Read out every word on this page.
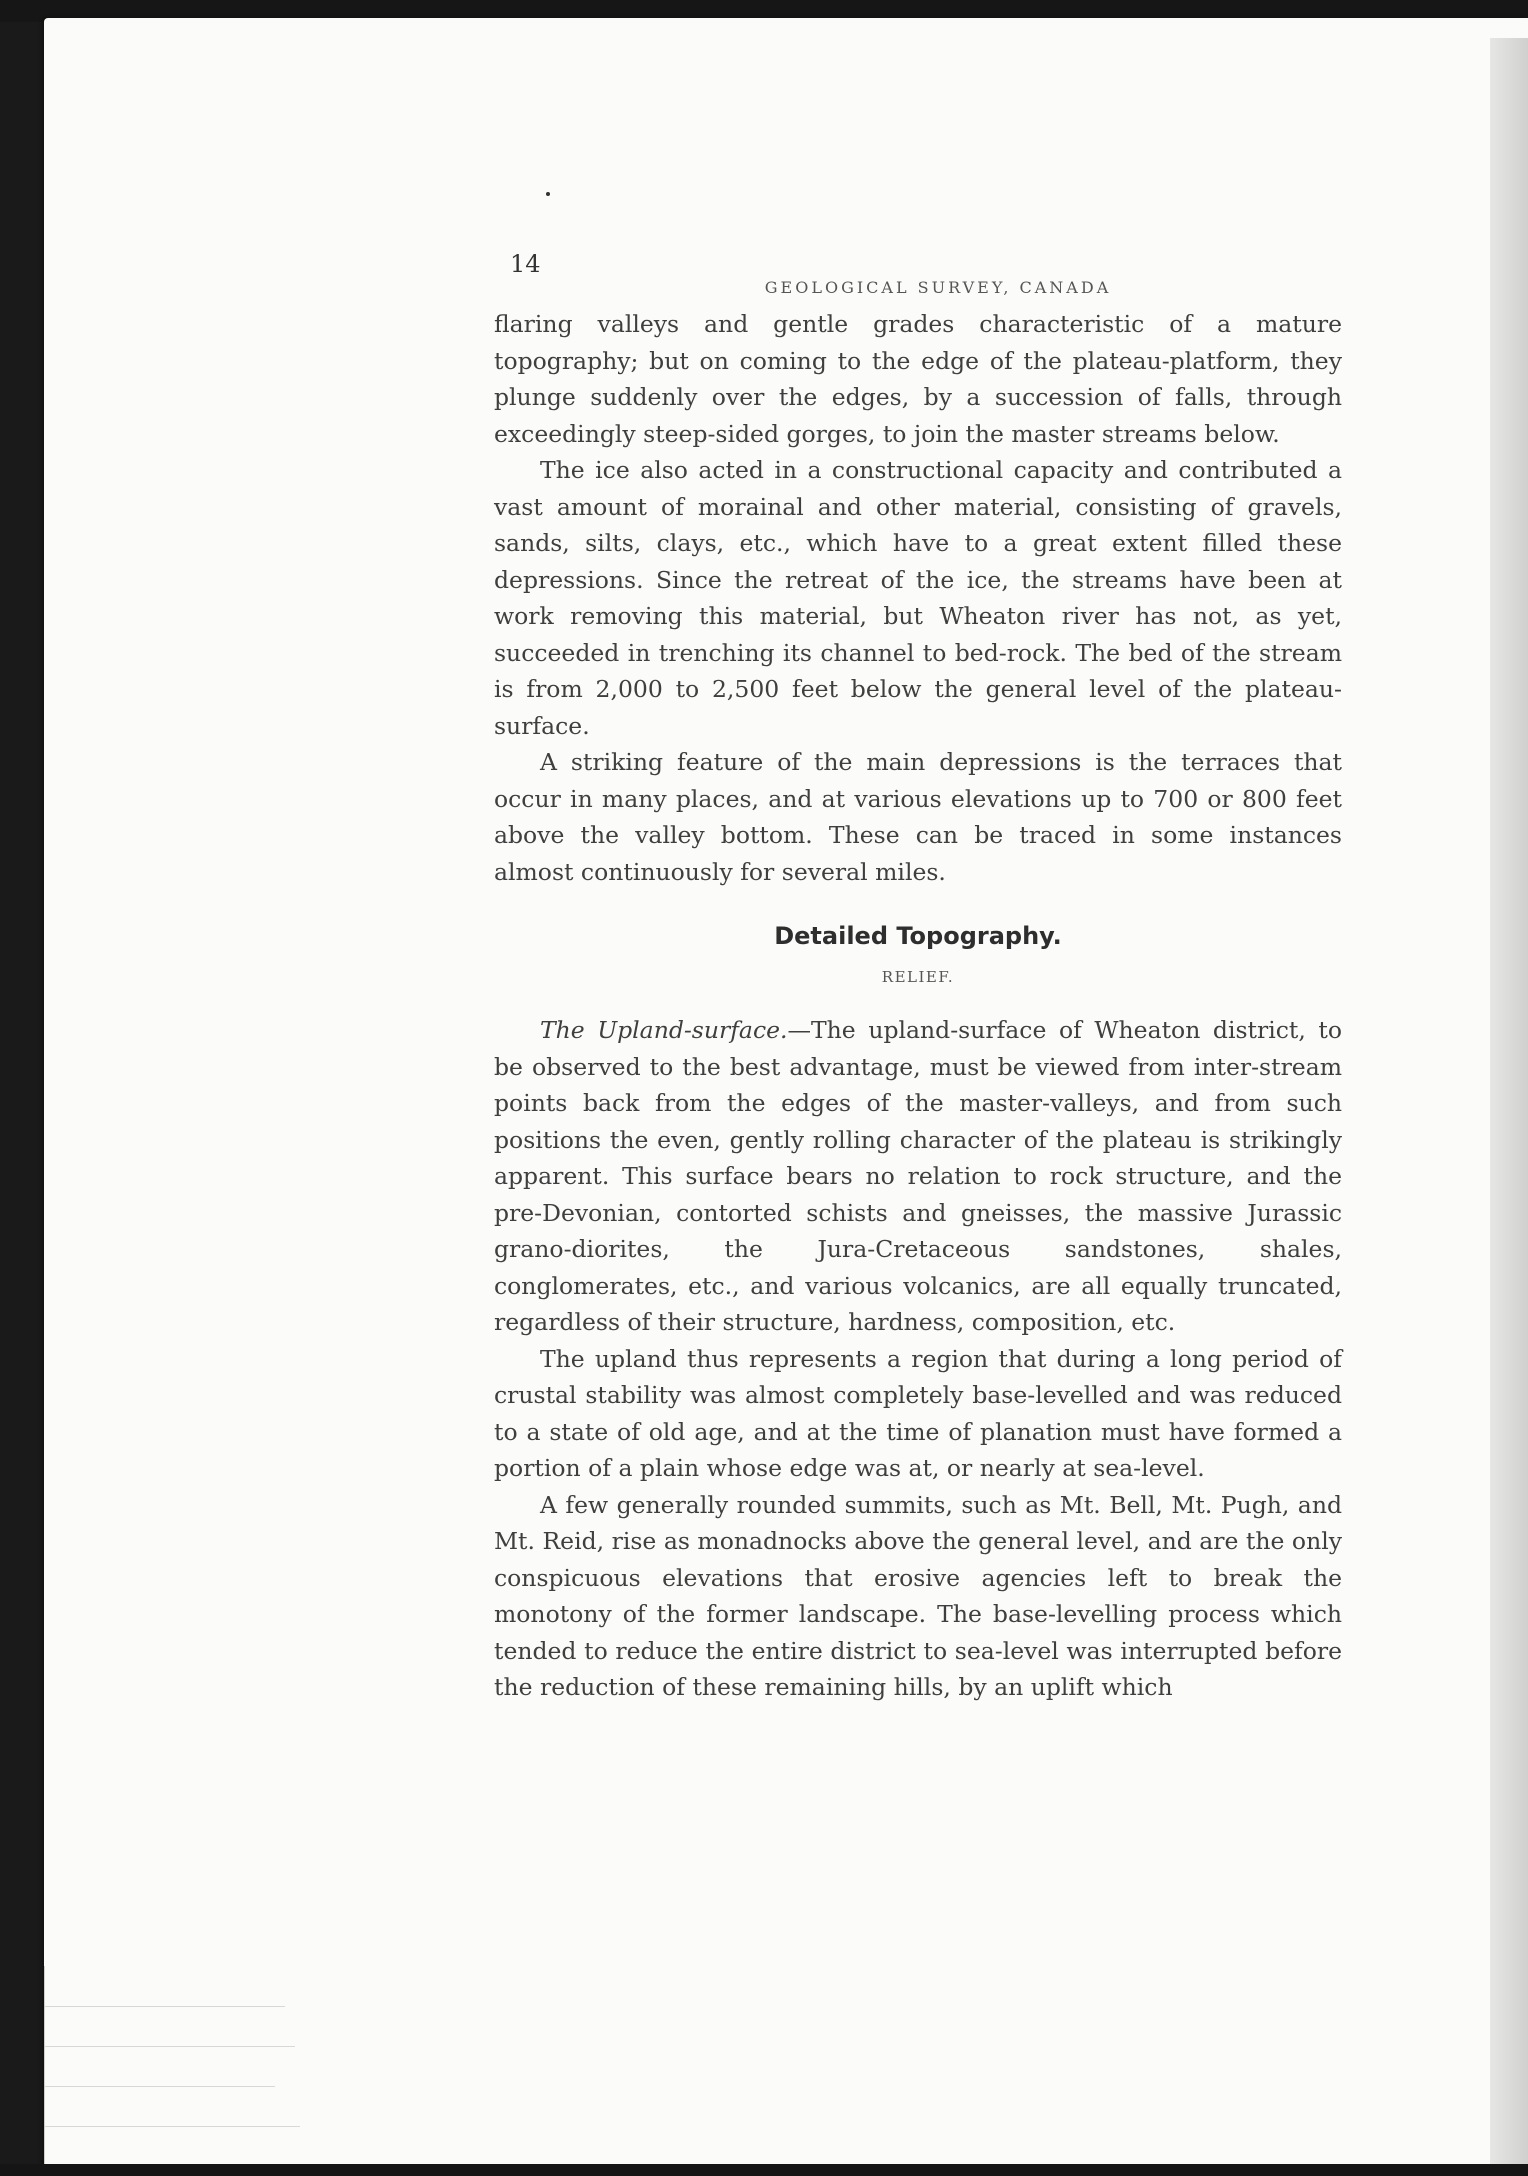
14
GEOLOGICAL SURVEY, CANADA

flaring valleys and gentle grades characteristic of a mature topography; but on coming to the edge of the plateau-platform, they plunge suddenly over the edges, by a succession of falls, through exceedingly steep-sided gorges, to join the master streams below.

The ice also acted in a constructional capacity and contributed a vast amount of morainal and other material, consisting of gravels, sands, silts, clays, etc., which have to a great extent filled these depressions. Since the retreat of the ice, the streams have been at work removing this material, but Wheaton river has not, as yet, succeeded in trenching its channel to bed-rock. The bed of the stream is from 2,000 to 2,500 feet below the general level of the plateau-surface.

A striking feature of the main depressions is the terraces that occur in many places, and at various elevations up to 700 or 800 feet above the valley bottom. These can be traced in some instances almost continuously for several miles.

Detailed Topography.
RELIEF.

The Upland-surface.—The upland-surface of Wheaton district, to be observed to the best advantage, must be viewed from inter-stream points back from the edges of the master-valleys, and from such positions the even, gently rolling character of the plateau is strikingly apparent. This surface bears no relation to rock structure, and the pre-Devonian, contorted schists and gneisses, the massive Jurassic grano-diorites, the Jura-Cretaceous sandstones, shales, conglomerates, etc., and various volcanics, are all equally truncated, regardless of their structure, hardness, composition, etc.

The upland thus represents a region that during a long period of crustal stability was almost completely base-levelled and was reduced to a state of old age, and at the time of planation must have formed a portion of a plain whose edge was at, or nearly at sea-level.

A few generally rounded summits, such as Mt. Bell, Mt. Pugh, and Mt. Reid, rise as monadnocks above the general level, and are the only conspicuous elevations that erosive agencies left to break the monotony of the former landscape. The base-levelling process which tended to reduce the entire district to sea-level was interrupted before the reduction of these remaining hills, by an uplift which
